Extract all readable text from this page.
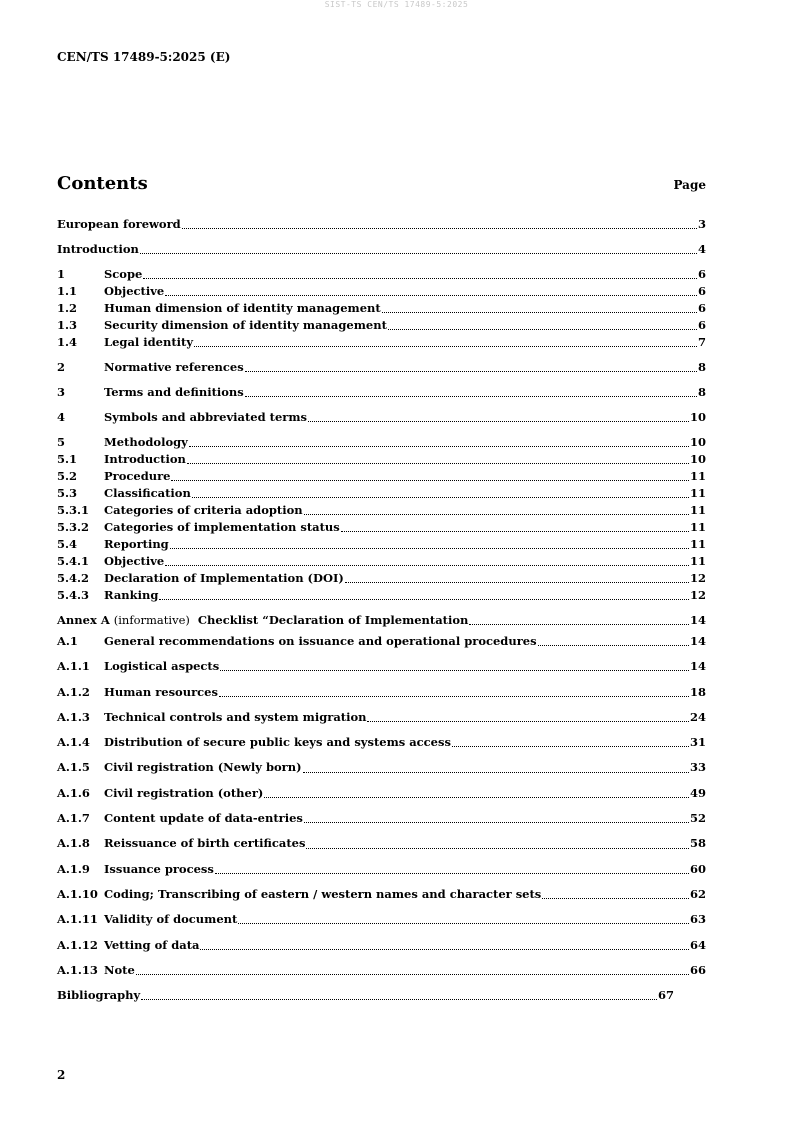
SIST-TS CEN/TS 17489-5:2025
CEN/TS 17489-5:2025 (E)
Contents	Page
European foreword	3
Introduction	4
1	Scope	6
1.1	Objective	6
1.2	Human dimension of identity management	6
1.3	Security dimension of identity management	6
1.4	Legal identity	7
2	Normative references	8
3	Terms and definitions	8
4	Symbols and abbreviated terms	10
5	Methodology	10
5.1	Introduction	10
5.2	Procedure	11
5.3	Classification	11
5.3.1	Categories of criteria adoption	11
5.3.2	Categories of implementation status	11
5.4	Reporting	11
5.4.1	Objective	11
5.4.2	Declaration of Implementation (DOI)	12
5.4.3	Ranking	12
Annex A (informative) Checklist “Declaration of Implementation	14
A.1	General recommendations on issuance and operational procedures	14
A.1.1	Logistical aspects	14
A.1.2	Human resources	18
A.1.3	Technical controls and system migration	24
A.1.4	Distribution of secure public keys and systems access	31
A.1.5	Civil registration (Newly born)	33
A.1.6	Civil registration (other)	49
A.1.7	Content update of data-entries	52
A.1.8	Reissuance of birth certificates	58
A.1.9	Issuance process	60
A.1.10 Coding; Transcribing of eastern / western names and character sets	62
A.1.11 Validity of document	63
A.1.12 Vetting of data	64
A.1.13 Note	66
Bibliography	67
2
